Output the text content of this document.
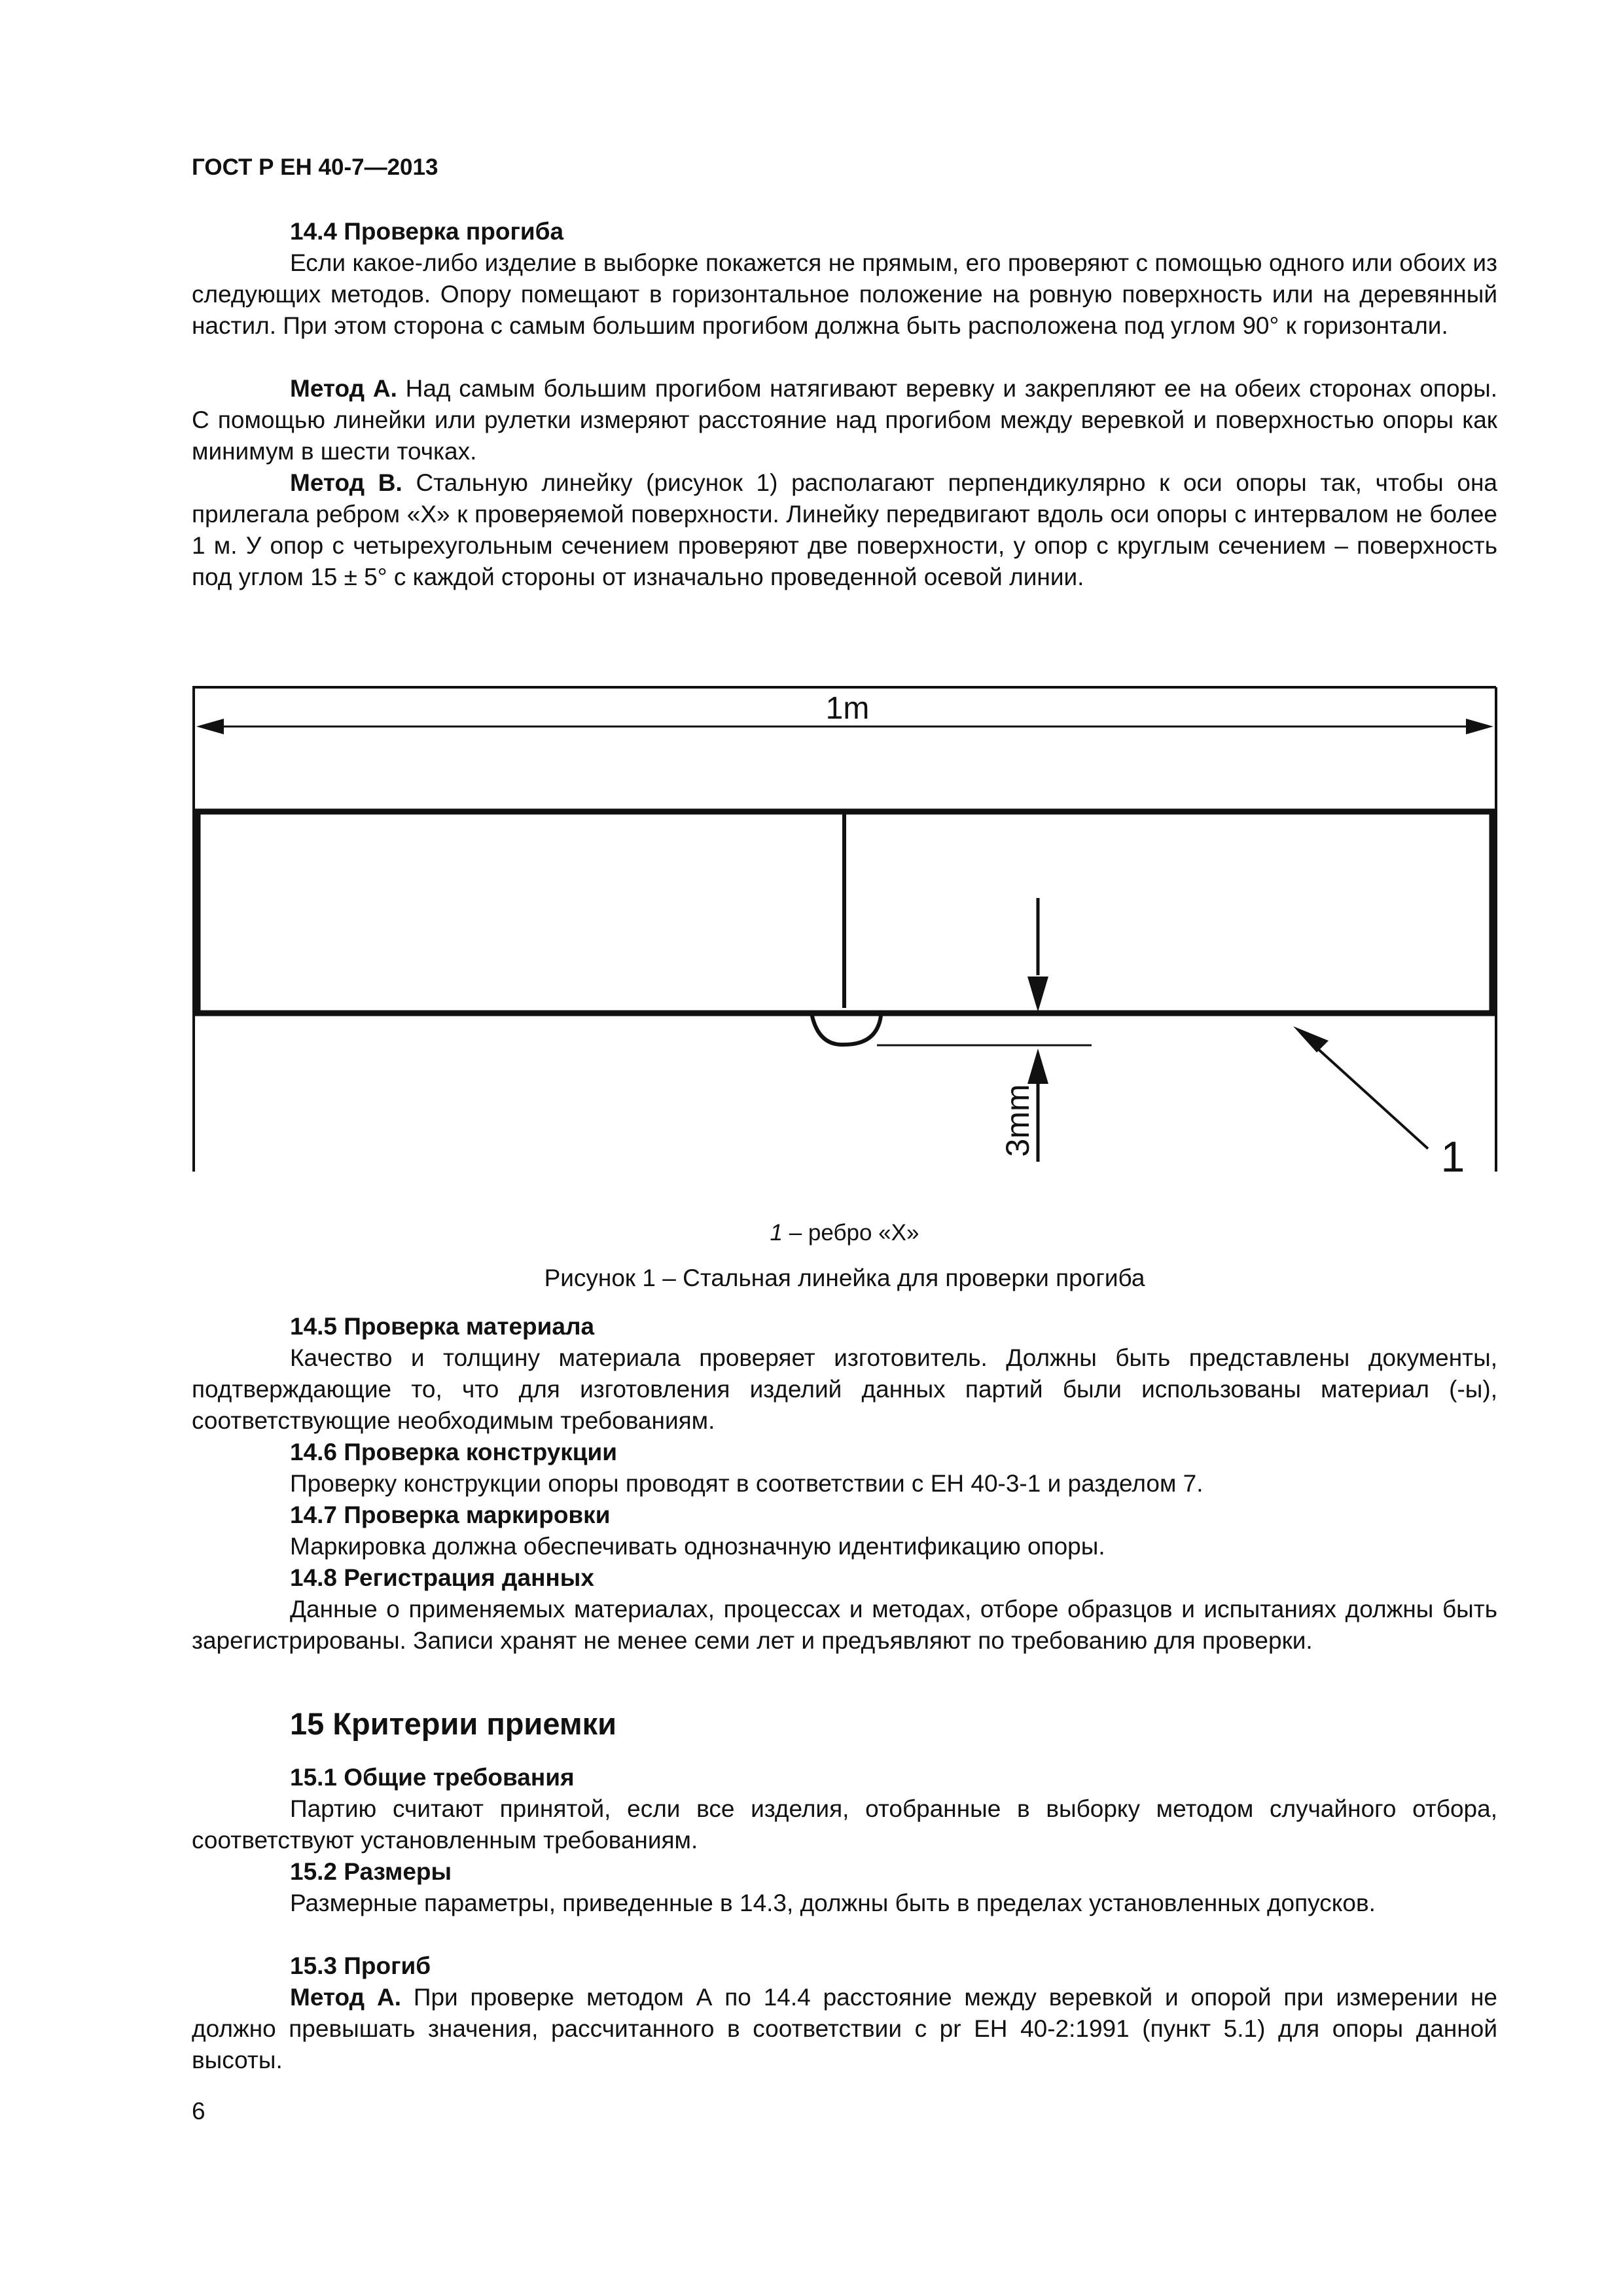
ГОСТ Р ЕН 40-7—2013
14.4 Проверка прогиба

Если какое-либо изделие в выборке покажется не прямым, его проверяют с помощью одного или обоих из следующих методов. Опору помещают в горизонтальное положение на ровную поверхность или на деревянный настил. При этом сторона с самым большим прогибом должна быть расположена под углом 90° к горизонтали.

Метод А. Над самым большим прогибом натягивают веревку и закрепляют ее на обеих сторонах опоры. С помощью линейки или рулетки измеряют расстояние над прогибом между веревкой и поверхностью опоры как минимум в шести точках.

Метод В. Стальную линейку (рисунок 1) располагают перпендикулярно к оси опоры так, чтобы она прилегала ребром «Х» к проверяемой поверхности. Линейку передвигают вдоль оси опоры с интервалом не более 1 м. У опор с четырехугольным сечением проверяют две поверхности, у опор с круглым сечением – поверхность под углом 15 ± 5° с каждой стороны от изначально проведенной осевой линии.

1m
3mm	1
1 – ребро «Х»
Рисунок 1 – Стальная линейка для проверки прогиба
14.5 Проверка материала

Качество и толщину материала проверяет изготовитель. Должны быть представлены документы, подтверждающие то, что для изготовления изделий данных партий были использованы материал (-ы), соответствующие необходимым требованиям.

14.6 Проверка конструкции

Проверку конструкции опоры проводят в соответствии с ЕН 40-3-1 и разделом 7.

14.7 Проверка маркировки

Маркировка должна обеспечивать однозначную идентификацию опоры.

14.8 Регистрация данных

Данные о применяемых материалах, процессах и методах, отборе образцов и испытаниях должны быть зарегистрированы. Записи хранят не менее семи лет и предъявляют по требованию для проверки.

15 Критерии приемки
15.1 Общие требования

Партию считают принятой, если все изделия, отобранные в выборку методом случайного отбора, соответствуют установленным требованиям.

15.2 Размеры

Размерные параметры, приведенные в 14.3, должны быть в пределах установленных допусков.

15.3 Прогиб

Метод А. При проверке методом А по 14.4 расстояние между веревкой и опорой при измерении не должно превышать значения, рассчитанного в соответствии с pr ЕН 40-2:1991 (пункт 5.1) для опоры данной высоты.

6
